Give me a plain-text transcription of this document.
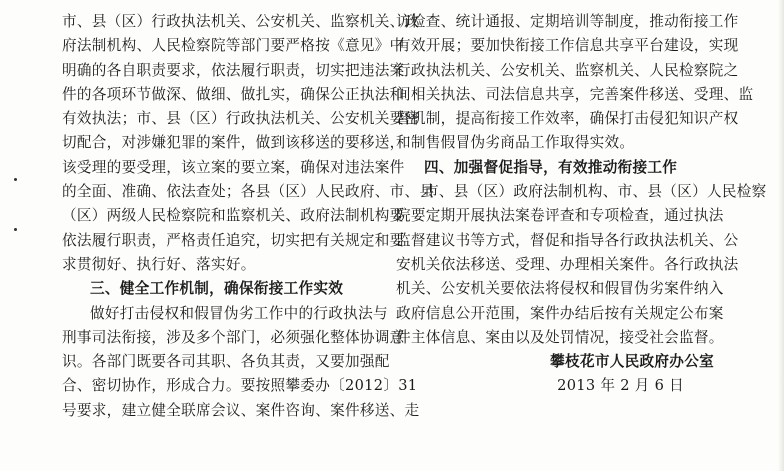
市、县（区）行政执法机关、公安机关、监察机关、政
府法制机构、人民检察院等部门要严格按《意见》中
明确的各自职责要求，依法履行职责，切实把违法案
件的各项环节做深、做细、做扎实，确保公正执法和
有效执法；市、县（区）行政执法机关、公安机关要密
切配合，对涉嫌犯罪的案件，做到该移送的要移送，
该受理的要受理，该立案的要立案，确保对违法案件
的全面、准确、依法查处；各县（区）人民政府、市、县
（区）两级人民检察院和监察机关、政府法制机构要
依法履行职责，严格责任追究，切实把有关规定和要
求贯彻好、执行好、落实好。
三、健全工作机制，确保衔接工作实效
做好打击侵权和假冒伪劣工作中的行政执法与
刑事司法衔接，涉及多个部门，必须强化整体协调意
识。各部门既要各司其职、各负其责，又要加强配
合、密切协作，形成合力。要按照攀委办〔2012〕31
号要求，建立健全联席会议、案件咨询、案件移送、走
访检查、统计通报、定期培训等制度，推动衔接工作
有效开展；要加快衔接工作信息共享平台建设，实现
行政执法机关、公安机关、监察机关、人民检察院之
间相关执法、司法信息共享，完善案件移送、受理、监
督机制，提高衔接工作效率，确保打击侵犯知识产权
和制售假冒伪劣商品工作取得实效。
四、加强督促指导，有效推动衔接工作
市、县（区）政府法制机构、市、县（区）人民检察
院要定期开展执法案卷评查和专项检查，通过执法
监督建议书等方式，督促和指导各行政执法机关、公
安机关依法移送、受理、办理相关案件。各行政执法
机关、公安机关要依法将侵权和假冒伪劣案件纳入
政府信息公开范围，案件办结后按有关规定公布案
件主体信息、案由以及处罚情况，接受社会监督。
攀枝花市人民政府办公室
2013 年 2 月 6 日
